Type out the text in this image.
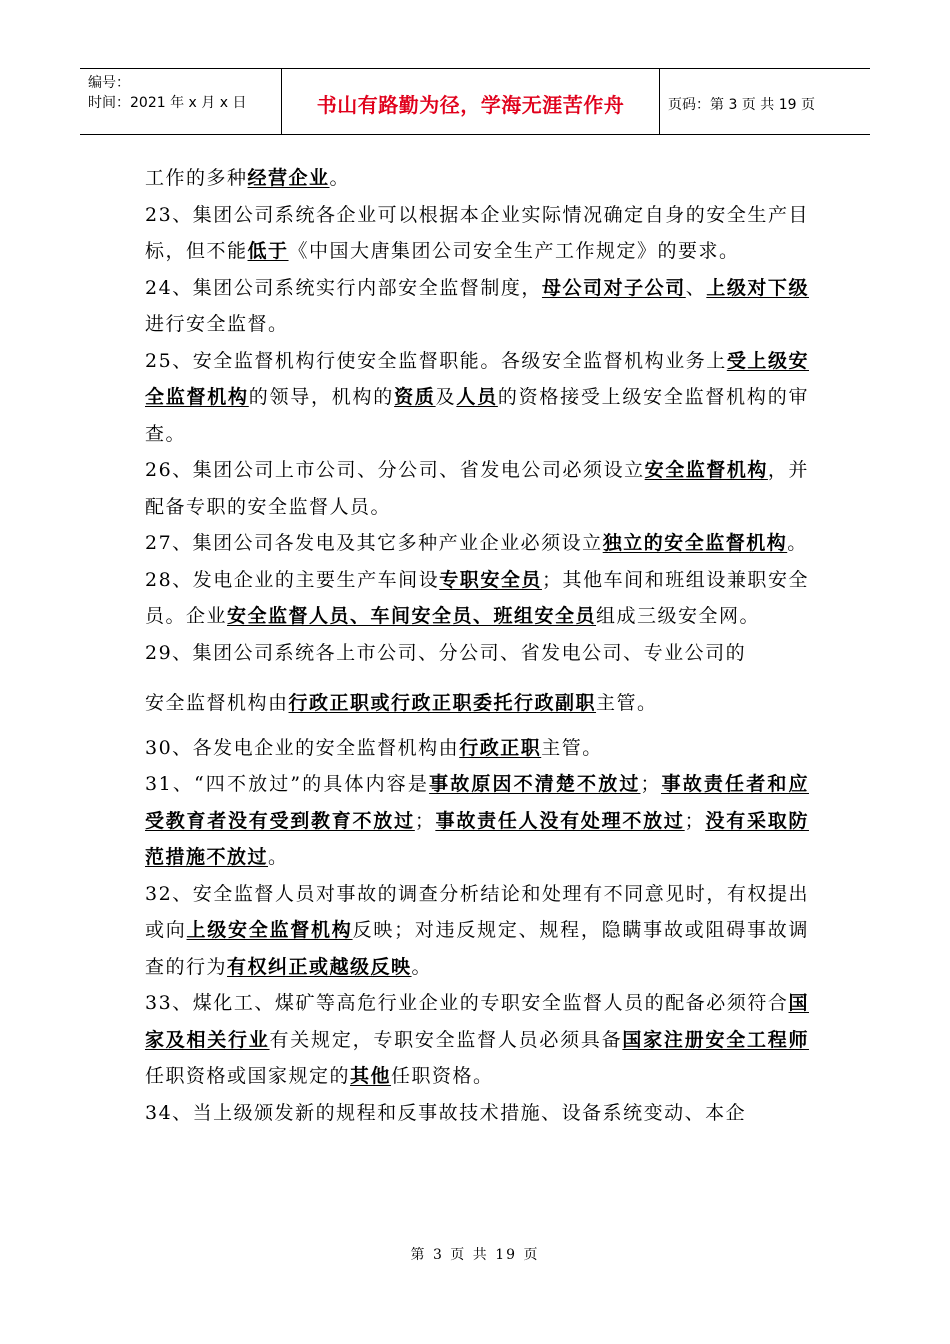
编号：
时间：2021 年 x 月 x 日	书山有路勤为径，学海无涯苦作舟	页码：第 3 页 共 19 页

工作的多种经营企业。

23、集团公司系统各企业可以根据本企业实际情况确定自身的安全生产目标，但不能低于《中国大唐集团公司安全生产工作规定》的要求。

24、集团公司系统实行内部安全监督制度，母公司对子公司、上级对下级进行安全监督。

25、安全监督机构行使安全监督职能。各级安全监督机构业务上受上级安全监督机构的领导，机构的资质及人员的资格接受上级安全监督机构的审查。

26、集团公司上市公司、分公司、省发电公司必须设立安全监督机构，并配备专职的安全监督人员。

27、集团公司各发电及其它多种产业企业必须设立独立的安全监督机构。

28、发电企业的主要生产车间设专职安全员；其他车间和班组设兼职安全员。企业安全监督人员、车间安全员、班组安全员组成三级安全网。

29、集团公司系统各上市公司、分公司、省发电公司、专业公司的

安全监督机构由行政正职或行政正职委托行政副职主管。

30、各发电企业的安全监督机构由行政正职主管。

31、“四不放过”的具体内容是事故原因不清楚不放过；事故责任者和应受教育者没有受到教育不放过；事故责任人没有处理不放过；没有采取防范措施不放过。

32、安全监督人员对事故的调查分析结论和处理有不同意见时，有权提出或向上级安全监督机构反映；对违反规定、规程，隐瞒事故或阻碍事故调查的行为有权纠正或越级反映。

33、煤化工、煤矿等高危行业企业的专职安全监督人员的配备必须符合国家及相关行业有关规定，专职安全监督人员必须具备国家注册安全工程师任职资格或国家规定的其他任职资格。

34、当上级颁发新的规程和反事故技术措施、设备系统变动、本企

第 3 页 共 19 页
